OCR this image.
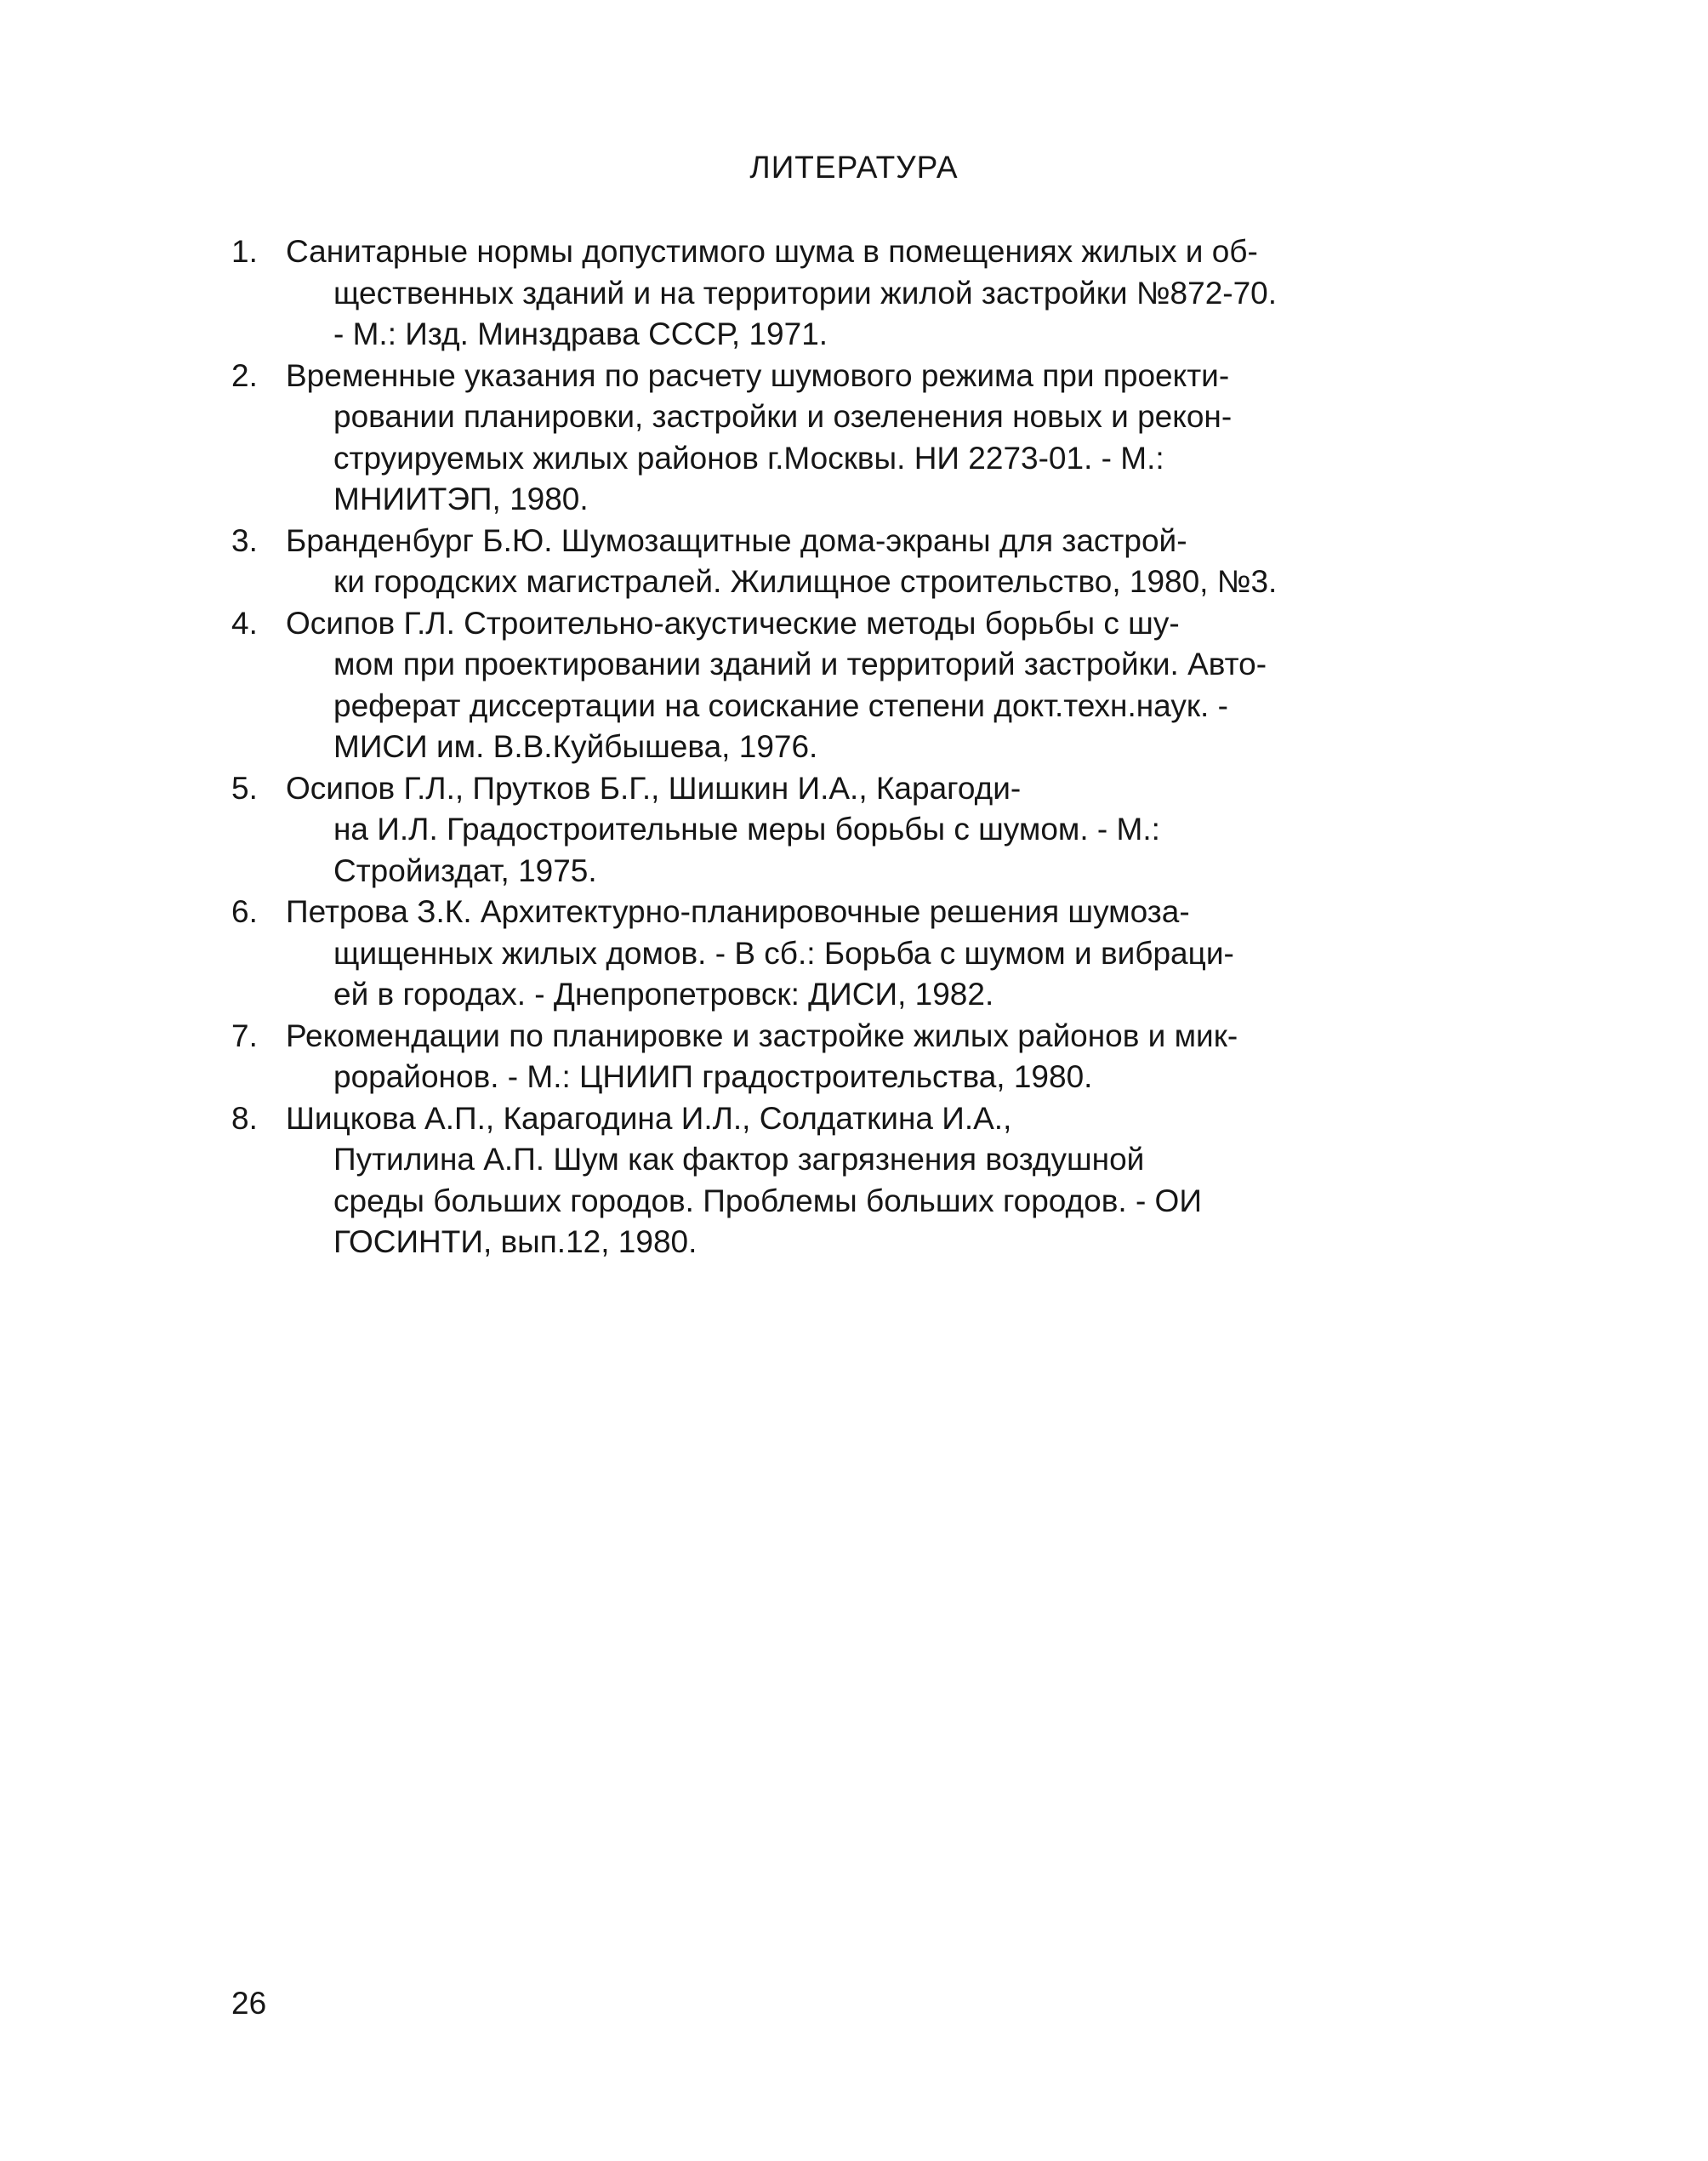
ЛИТЕРАТУРА
1. Санитарные нормы допустимого шума в помещениях жилых и об-
щественных зданий и на территории жилой застройки №872-70.
- М.: Изд. Минздрава СССР, 1971.
2. Временные указания по расчету шумового режима при проекти-
ровании планировки, застройки и озеленения новых и рекон-
струируемых жилых районов г.Москвы. НИ 2273-01. - М.:
МНИИТЭП, 1980.
3. Бранденбург Б.Ю. Шумозащитные дома-экраны для застрой-
ки городских магистралей. Жилищное строительство, 1980, №3.
4. Осипов Г.Л. Строительно-акустические методы борьбы с шу-
мом при проектировании зданий и территорий застройки. Авто-
реферат диссертации на соискание степени докт.техн.наук. -
МИСИ им. В.В.Куйбышева, 1976.
5. Осипов Г.Л., Прутков Б.Г., Шишкин И.А., Карагоди-
на И.Л. Градостроительные меры борьбы с шумом. - М.:
Стройиздат, 1975.
6. Петрова З.К. Архитектурно-планировочные решения шумоза-
щищенных жилых домов. - В сб.: Борьба с шумом и вибраци-
ей в городах. - Днепропетровск: ДИСИ, 1982.
7. Рекомендации по планировке и застройке жилых районов и мик-
рорайонов. - М.: ЦНИИП градостроительства, 1980.
8. Шицкова А.П., Карагодина И.Л., Солдаткина И.А.,
Путилина А.П. Шум как фактор загрязнения воздушной
среды больших городов. Проблемы больших городов. - ОИ
ГОСИНТИ, вып.12, 1980.
26
